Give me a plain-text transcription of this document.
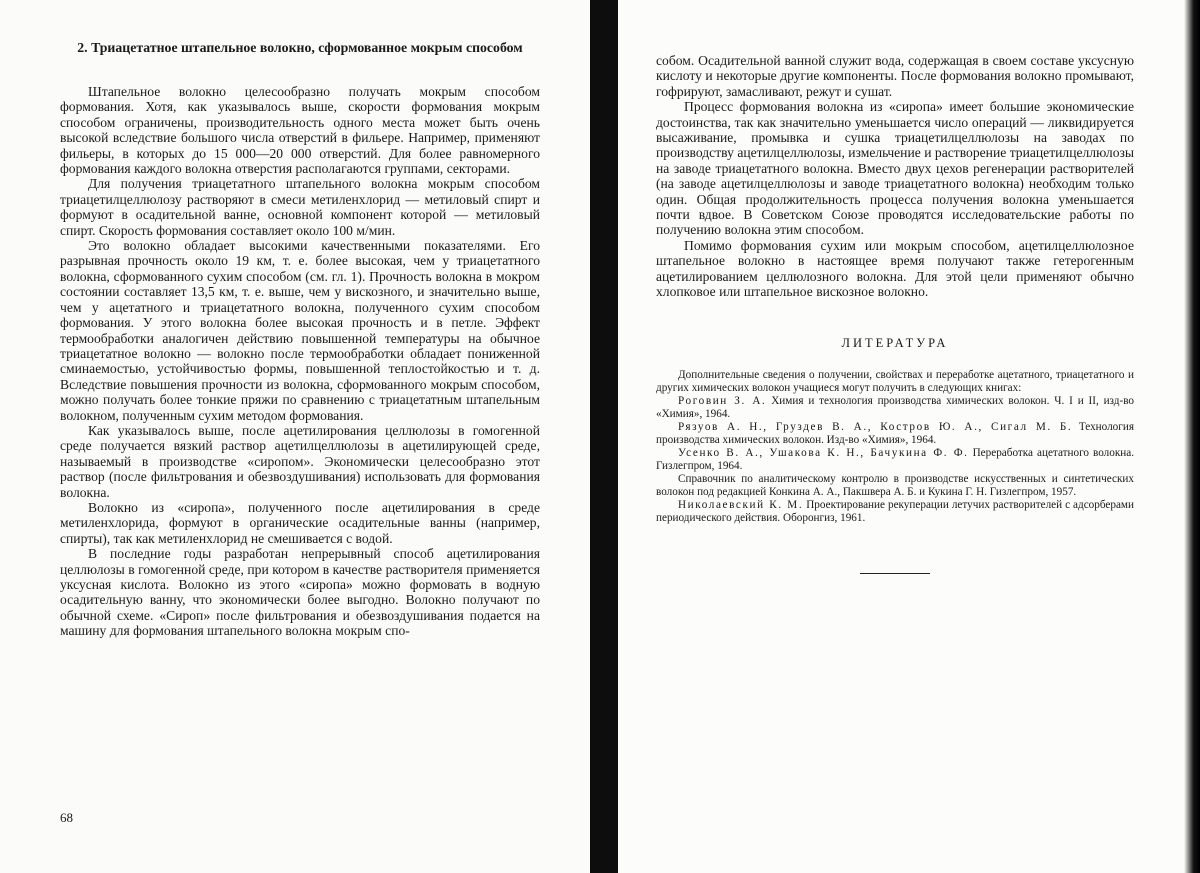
2. Триацетатное штапельное волокно, сформованное мокрым способом

Штапельное волокно целесообразно получать мокрым способом формования. Хотя, как указывалось выше, скорости формования мокрым способом ограничены, производительность одного места может быть очень высокой вследствие большого числа отверстий в фильере. Например, применяют фильеры, в которых до 15 000—20 000 отверстий. Для более равномерного формования каждого волокна отверстия располагаются группами, секторами.

Для получения триацетатного штапельного волокна мокрым способом триацетилцеллюлозу растворяют в смеси метиленхлорид — метиловый спирт и формуют в осадительной ванне, основной компонент которой — метиловый спирт. Скорость формования составляет около 100 м/мин.

Это волокно обладает высокими качественными показателями. Его разрывная прочность около 19 км, т. е. более высокая, чем у триацетатного волокна, сформованного сухим способом (см. гл. 1). Прочность волокна в мокром состоянии составляет 13,5 км, т. е. выше, чем у вискозного, и значительно выше, чем у ацетатного и триацетатного волокна, полученного сухим способом формования. У этого волокна более высокая прочность и в петле. Эффект термообработки аналогичен действию повышенной температуры на обычное триацетатное волокно — волокно после термообработки обладает пониженной сминаемостью, устойчивостью формы, повышенной теплостойкостью и т. д. Вследствие повышения прочности из волокна, сформованного мокрым способом, можно получать более тонкие пряжи по сравнению с триацетатным штапельным волокном, полученным сухим методом формования.

Как указывалось выше, после ацетилирования целлюлозы в гомогенной среде получается вязкий раствор ацетилцеллюлозы в ацетилирующей среде, называемый в производстве «сиропом». Экономически целесообразно этот раствор (после фильтрования и обезвоздушивания) использовать для формования волокна.

Волокно из «сиропа», полученного после ацетилирования в среде метиленхлорида, формуют в органические осадительные ванны (например, спирты), так как метиленхлорид не смешивается с водой.

В последние годы разработан непрерывный способ ацетилирования целлюлозы в гомогенной среде, при котором в качестве растворителя применяется уксусная кислота. Волокно из этого «сиропа» можно формовать в водную осадительную ванну, что экономически более выгодно. Волокно получают по обычной схеме. «Сироп» после фильтрования и обезвоздушивания подается на машину для формования штапельного волокна мокрым спо-

68

собом. Осадительной ванной служит вода, содержащая в своем составе уксусную кислоту и некоторые другие компоненты. После формования волокно промывают, гофрируют, замасливают, режут и сушат.

Процесс формования волокна из «сиропа» имеет большие экономические достоинства, так как значительно уменьшается число операций — ликвидируется высаживание, промывка и сушка триацетилцеллюлозы на заводах по производству ацетилцеллюлозы, измельчение и растворение триацетилцеллюлозы на заводе триацетатного волокна. Вместо двух цехов регенерации растворителей (на заводе ацетилцеллюлозы и заводе триацетатного волокна) необходим только один. Общая продолжительность процесса получения волокна уменьшается почти вдвое. В Советском Союзе проводятся исследовательские работы по получению волокна этим способом.

Помимо формования сухим или мокрым способом, ацетилцеллюлозное штапельное волокно в настоящее время получают также гетерогенным ацетилированием целлюлозного волокна. Для этой цели применяют обычно хлопковое или штапельное вискозное волокно.

ЛИТЕРАТУРА

Дополнительные сведения о получении, свойствах и переработке ацетатного, триацетатного и других химических волокон учащиеся могут получить в следующих книгах:

Роговин З. А. Химия и технология производства химических волокон. Ч. I и II, изд-во «Химия», 1964.

Рязуов А. Н., Груздев В. А., Костров Ю. А., Сигал М. Б. Технология производства химических волокон. Изд-во «Химия», 1964.

Усенко В. А., Ушакова К. Н., Бачукина Ф. Ф. Переработка ацетатного волокна. Гизлегпром, 1964.

Справочник по аналитическому контролю в производстве искусственных и синтетических волокон под редакцией Конкина А. А., Пакшвера А. Б. и Кукина Г. Н. Гизлегпром, 1957.

Николаевский К. М. Проектирование рекуперации летучих растворителей с адсорберами периодического действия. Оборонгиз, 1961.
